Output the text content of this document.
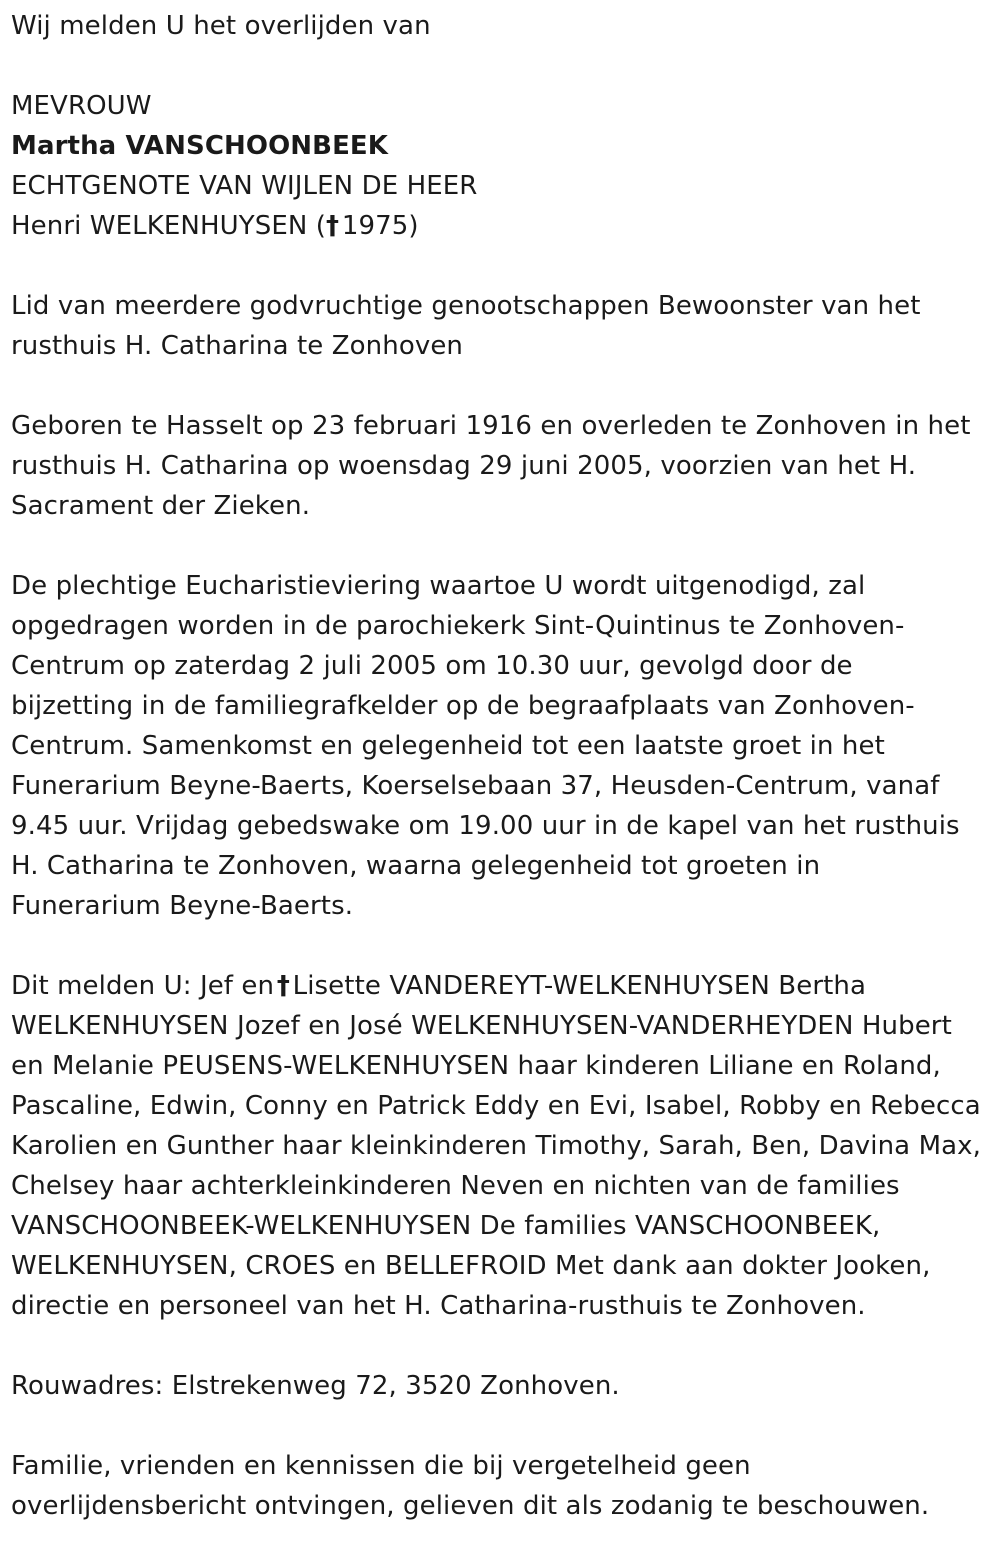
Wij melden U het overlijden van

MEVROUW
Martha VANSCHOONBEEK
ECHTGENOTE VAN WIJLEN DE HEER
Henri WELKENHUYSEN (†  1975)

Lid van meerdere godvruchtige genootschappen Bewoonster van het
rusthuis H. Catharina te Zonhoven

Geboren te Hasselt op 23 februari 1916 en overleden te Zonhoven in het
rusthuis H. Catharina op woensdag 29 juni 2005, voorzien van het H.
Sacrament der Zieken.

De plechtige Eucharistieviering waartoe U wordt uitgenodigd, zal
opgedragen worden in de parochiekerk Sint-Quintinus te Zonhoven-
Centrum op zaterdag 2 juli 2005 om 10.30 uur, gevolgd door de
bijzetting in de familiegrafkelder op de begraafplaats van Zonhoven-
Centrum. Samenkomst en gelegenheid tot een laatste groet in het
Funerarium Beyne-Baerts, Koerselsebaan 37, Heusden-Centrum, vanaf
9.45 uur. Vrijdag gebedswake om 19.00 uur in de kapel van het rusthuis
H. Catharina te Zonhoven, waarna gelegenheid tot groeten in
Funerarium Beyne-Baerts.

Dit melden U: Jef en  †  Lisette VANDEREYT-WELKENHUYSEN Bertha
WELKENHUYSEN Jozef en José WELKENHUYSEN-VANDERHEYDEN Hubert
en Melanie PEUSENS-WELKENHUYSEN haar kinderen Liliane en Roland,
Pascaline, Edwin, Conny en Patrick Eddy en Evi, Isabel, Robby en Rebecca
Karolien en Gunther haar kleinkinderen Timothy, Sarah, Ben, Davina Max,
Chelsey haar achterkleinkinderen Neven en nichten van de families
VANSCHOONBEEK-WELKENHUYSEN De families VANSCHOONBEEK,
WELKENHUYSEN, CROES en BELLEFROID Met dank aan dokter Jooken,
directie en personeel van het H. Catharina-rusthuis te Zonhoven.

Rouwadres: Elstrekenweg 72, 3520 Zonhoven.

Familie, vrienden en kennissen die bij vergetelheid geen
overlijdensbericht ontvingen, gelieven dit als zodanig te beschouwen.
